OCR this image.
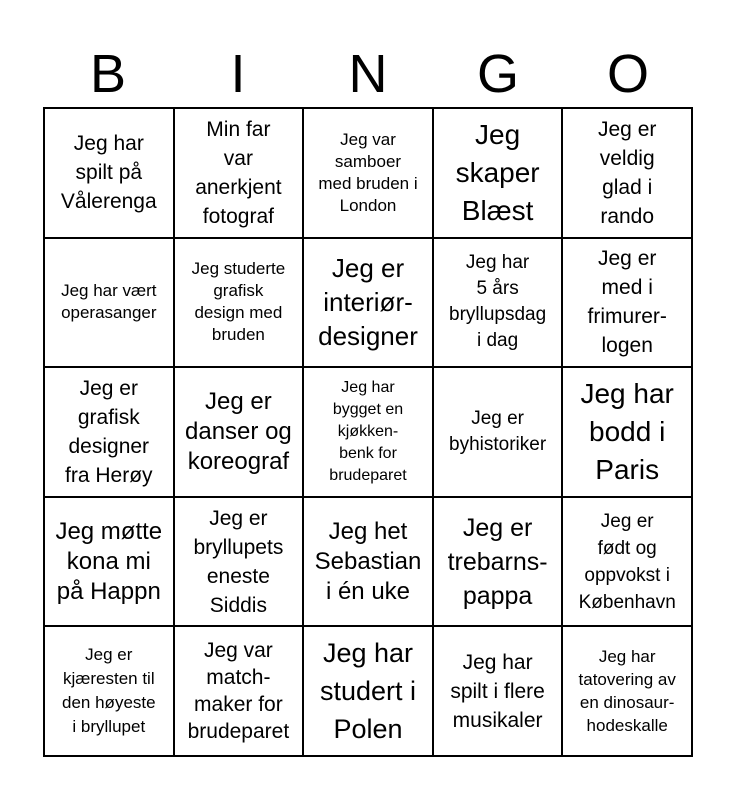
B	I	N	G	O
Jeg har
spilt på
Vålerenga
Min far
var
anerkjent
fotograf
Jeg var
samboer
med bruden i
London
Jeg
skaper
Blæst
Jeg er
veldig
glad i
rando
Jeg har vært
operasanger
Jeg studerte
grafisk
design med
bruden
Jeg er
interiør-
designer
Jeg har
5 års
bryllupsdag
i dag
Jeg er
med i
frimurer-
logen
Jeg er
grafisk
designer
fra Herøy
Jeg er
danser og
koreograf
Jeg har
bygget en
kjøkken-
benk for
brudeparet
Jeg er
byhistoriker
Jeg har
bodd i
Paris
Jeg møtte
kona mi
på Happn
Jeg er
bryllupets
eneste
Siddis
Jeg het
Sebastian
i én uke
Jeg er
trebarns-
pappa
Jeg er
født og
oppvokst i
København
Jeg er
kjæresten til
den høyeste
i bryllupet
Jeg var
match-
maker for
brudeparet
Jeg har
studert i
Polen
Jeg har
spilt i flere
musikaler
Jeg har
tatovering av
en dinosaur-
hodeskalle
